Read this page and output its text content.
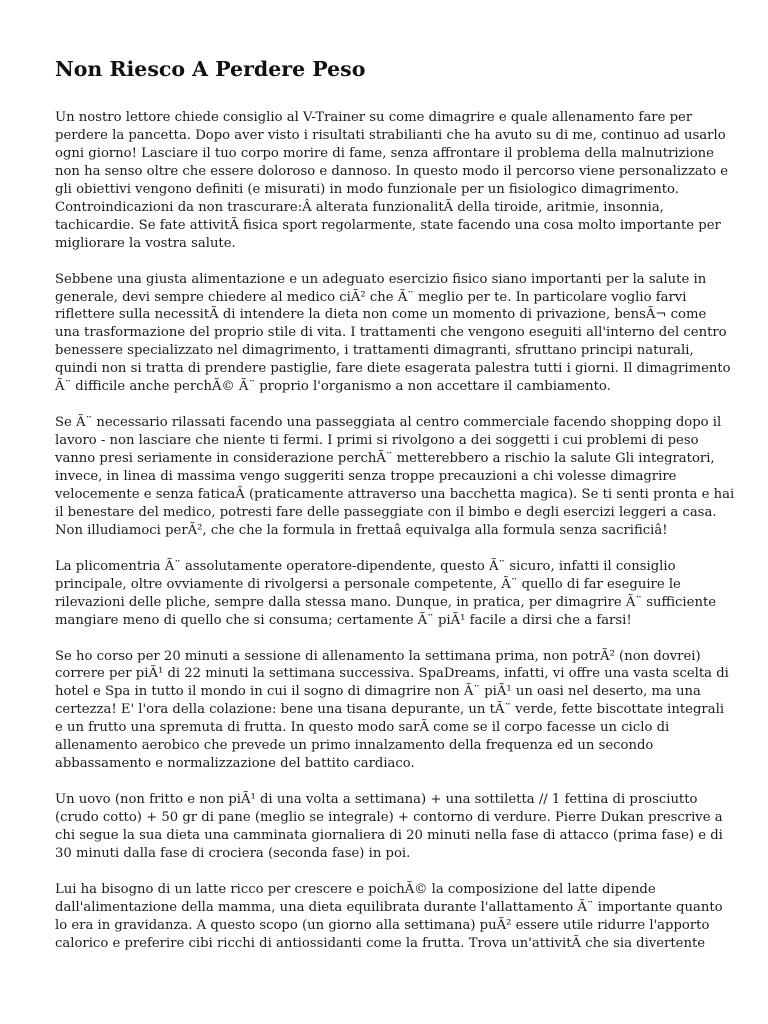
Non Riesco A Perdere Peso

Un nostro lettore chiede consiglio al V-Trainer su come dimagrire e quale allenamento fare per
perdere la pancetta. Dopo aver visto i risultati strabilianti che ha avuto su di me, continuo ad usarlo
ogni giorno! Lasciare il tuo corpo morire di fame, senza affrontare il problema della malnutrizione
non ha senso oltre che essere doloroso e dannoso. In questo modo il percorso viene personalizzato e
gli obiettivi vengono definiti (e misurati) in modo funzionale per un fisiologico dimagrimento.
Controindicazioni da non trascurare:Â alterata funzionalitÃ della tiroide, aritmie, insonnia,
tachicardie. Se fate attivitÃ fisica sport regolarmente, state facendo una cosa molto importante per
migliorare la vostra salute.

Sebbene una giusta alimentazione e un adeguato esercizio fisico siano importanti per la salute in
generale, devi sempre chiedere al medico ciÃ² che Ã¨ meglio per te. In particolare voglio farvi
riflettere sulla necessitÃ di intendere la dieta non come un momento di privazione, bensÃ¬ come
una trasformazione del proprio stile di vita. I trattamenti che vengono eseguiti all'interno del centro
benessere specializzato nel dimagrimento, i trattamenti dimagranti, sfruttano principi naturali,
quindi non si tratta di prendere pastiglie, fare diete esagerata palestra tutti i giorni. Il dimagrimento
Ã¨ difficile anche perchÃ© Ã¨ proprio l'organismo a non accettare il cambiamento.

Se Ã¨ necessario rilassati facendo una passeggiata al centro commerciale facendo shopping dopo il
lavoro - non lasciare che niente ti fermi. I primi si rivolgono a dei soggetti i cui problemi di peso
vanno presi seriamente in considerazione perchÃ¨ metterebbero a rischio la salute Gli integratori,
invece, in linea di massima vengo suggeriti senza troppe precauzioni a chi volesse dimagrire
velocemente e senza faticaÂ (praticamente attraverso una bacchetta magica). Se ti senti pronta e hai
il benestare del medico, potresti fare delle passeggiate con il bimbo e degli esercizi leggeri a casa.
Non illudiamoci perÃ², che che la formula in frettaâ equivalga alla formula senza sacrificiâ!

La plicomentria Ã¨ assolutamente operatore-dipendente, questo Ã¨ sicuro, infatti il consiglio
principale, oltre ovviamente di rivolgersi a personale competente, Ã¨ quello di far eseguire le
rilevazioni delle pliche, sempre dalla stessa mano. Dunque, in pratica, per dimagrire Ã¨ sufficiente
mangiare meno di quello che si consuma; certamente Ã¨ piÃ¹ facile a dirsi che a farsi!

Se ho corso per 20 minuti a sessione di allenamento la settimana prima, non potrÃ² (non dovrei)
correre per piÃ¹ di 22 minuti la settimana successiva. SpaDreams, infatti, vi offre una vasta scelta di
hotel e Spa in tutto il mondo in cui il sogno di dimagrire non Ã¨ piÃ¹ un oasi nel deserto, ma una
certezza! E' l'ora della colazione: bene una tisana depurante, un tÃ¨ verde, fette biscottate integrali
e un frutto una spremuta di frutta. In questo modo sarÃ come se il corpo facesse un ciclo di
allenamento aerobico che prevede un primo innalzamento della frequenza ed un secondo
abbassamento e normalizzazione del battito cardiaco.

Un uovo (non fritto e non piÃ¹ di una volta a settimana) + una sottiletta // 1 fettina di prosciutto
(crudo cotto) + 50 gr di pane (meglio se integrale) + contorno di verdure. Pierre Dukan prescrive a
chi segue la sua dieta una camminata giornaliera di 20 minuti nella fase di attacco (prima fase) e di
30 minuti dalla fase di crociera (seconda fase) in poi.

Lui ha bisogno di un latte ricco per crescere e poichÃ© la composizione del latte dipende
dall'alimentazione della mamma, una dieta equilibrata durante l'allattamento Ã¨ importante quanto
lo era in gravidanza. A questo scopo (un giorno alla settimana) puÃ² essere utile ridurre l'apporto
calorico e preferire cibi ricchi di antiossidanti come la frutta. Trova un'attivitÃ che sia divertente
